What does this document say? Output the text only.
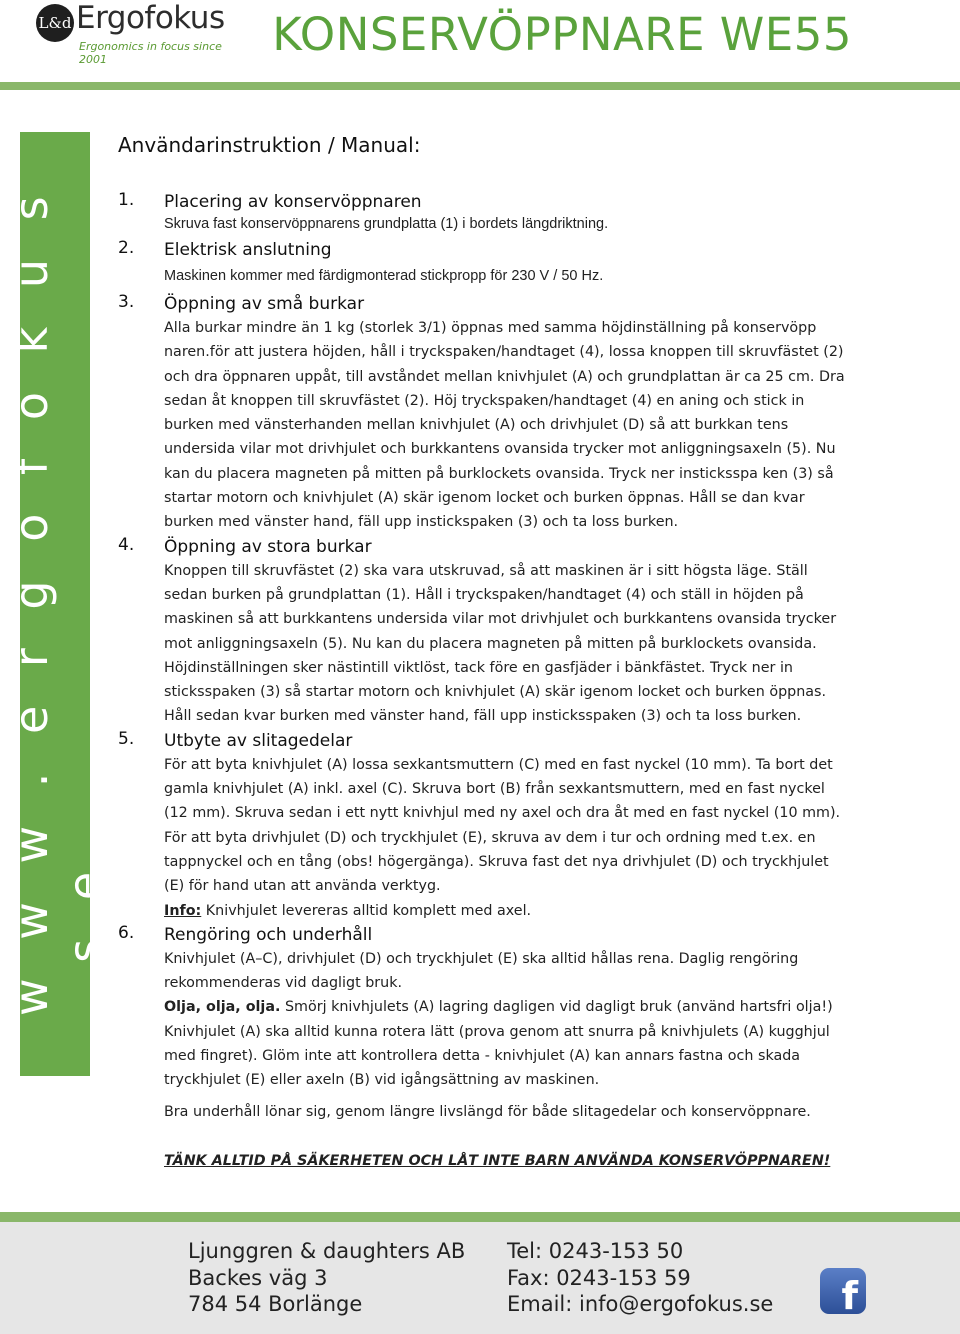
L&d Ergofokus
Ergonomics in focus since 2001	KONSERVÖPPNARE WE55
w w w . e r g o f o k u s . s e
Användarinstruktion / Manual:
1. Placering av konservöppnaren

Skruva fast konservöppnarens grundplatta (1) i bordets längdriktning.

2. Elektrisk anslutning

Maskinen kommer med färdigmonterad stickpropp för 230 V / 50 Hz.

3. Öppning av små burkar

Alla burkar mindre än 1 kg (storlek 3/1) öppnas med samma höjdinställning på konservöpp naren.för att justera höjden, håll i tryckspaken/handtaget (4), lossa knoppen till skruvfästet (2) och dra öppnaren uppåt, till avståndet mellan knivhjulet (A) och grundplattan är ca 25 cm. Dra sedan åt knoppen till skruvfästet (2). Höj tryckspaken/handtaget (4) en aning och stick in burken med vänsterhanden mellan knivhjulet (A) och drivhjulet (D) så att burkkan tens undersida vilar mot drivhjulet och burkkantens ovansida trycker mot anliggningsaxeln (5). Nu kan du placera magneten på mitten på burklockets ovansida. Tryck ner insticksspa ken (3) så startar motorn och knivhjulet (A) skär igenom locket och burken öppnas. Håll se dan kvar burken med vänster hand, fäll upp instickspaken (3) och ta loss burken.

4. Öppning av stora burkar

Knoppen till skruvfästet (2) ska vara utskruvad, så att maskinen är i sitt högsta läge. Ställ sedan burken på grundplattan (1). Håll i tryckspaken/handtaget (4) och ställ in höjden på maskinen så att burkkantens undersida vilar mot drivhjulet och burkkantens ovansida trycker mot anliggningsaxeln (5). Nu kan du placera magneten på mitten på burklockets ovansida. Höjdinställningen sker nästintill viktlöst, tack före en gasfjäder i bänkfästet. Tryck ner in sticksspaken (3) så startar motorn och knivhjulet (A) skär igenom locket och burken öppnas. Håll sedan kvar burken med vänster hand, fäll upp insticksspaken (3) och ta loss burken.

5. Utbyte av slitagedelar

För att byta knivhjulet (A) lossa sexkantsmuttern (C) med en fast nyckel (10 mm). Ta bort det gamla knivhjulet (A) inkl. axel (C). Skruva bort (B) från sexkantsmuttern, med en fast nyckel (12 mm). Skruva sedan i ett nytt knivhjul med ny axel och dra åt med en fast nyckel (10 mm). För att byta drivhjulet (D) och tryckhjulet (E), skruva av dem i tur och ordning med t.ex. en tappnyckel och en tång (obs! högergänga). Skruva fast det nya drivhjulet (D) och tryckhjulet (E) för hand utan att använda verktyg.

Info: Knivhjulet levereras alltid komplett med axel.

6. Rengöring och underhåll

Knivhjulet (A–C), drivhjulet (D) och tryckhjulet (E) ska alltid hållas rena. Daglig rengöring rekommenderas vid dagligt bruk.

Olja, olja, olja. Smörj knivhjulets (A) lagring dagligen vid dagligt bruk (använd hartsfri olja!) Knivhjulet (A) ska alltid kunna rotera lätt (prova genom att snurra på knivhjulets (A) kugghjul med fingret). Glöm inte att kontrollera detta - knivhjulet (A) kan annars fastna och skada tryckhjulet (E) eller axeln (B) vid igångsättning av maskinen.

Bra underhåll lönar sig, genom längre livslängd för både slitagedelar och konservöppnare.
TÄNK ALLTID PÅ SÄKERHETEN OCH LÅT INTE BARN ANVÄNDA KONSERVÖPPNAREN!
Ljunggren & daughters AB
Backes väg 3
784 54 Borlänge
Tel: 0243-153 50
Fax: 0243-153 59
Email: info@ergofokus.se	f
